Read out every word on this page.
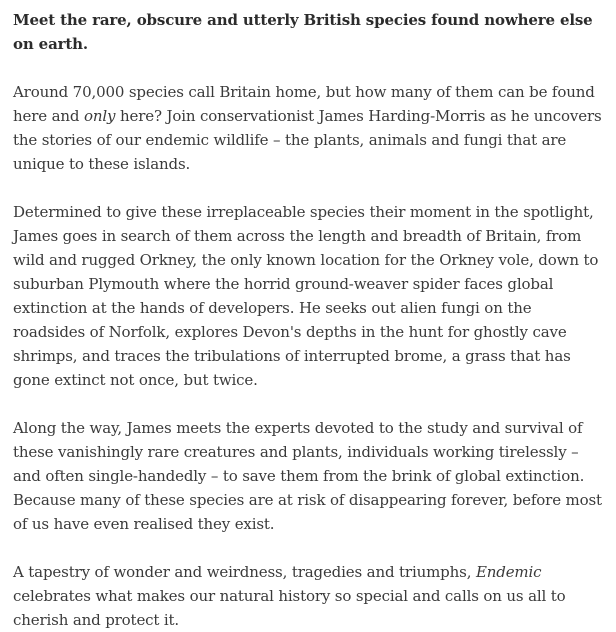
Meet the rare, obscure and utterly British species found nowhere else on earth.

Around 70,000 species call Britain home, but how many of them can be found here and only here? Join conservationist James Harding-Morris as he uncovers the stories of our endemic wildlife – the plants, animals and fungi that are unique to these islands.

Determined to give these irreplaceable species their moment in the spotlight, James goes in search of them across the length and breadth of Britain, from wild and rugged Orkney, the only known location for the Orkney vole, down to suburban Plymouth where the horrid ground-weaver spider faces global extinction at the hands of developers. He seeks out alien fungi on the roadsides of Norfolk, explores Devon's depths in the hunt for ghostly cave shrimps, and traces the tribulations of interrupted brome, a grass that has gone extinct not once, but twice.

Along the way, James meets the experts devoted to the study and survival of these vanishingly rare creatures and plants, individuals working tirelessly – and often single-handedly – to save them from the brink of global extinction. Because many of these species are at risk of disappearing forever, before most of us have even realised they exist.

A tapestry of wonder and weirdness, tragedies and triumphs, Endemic celebrates what makes our natural history so special and calls on us all to cherish and protect it.
